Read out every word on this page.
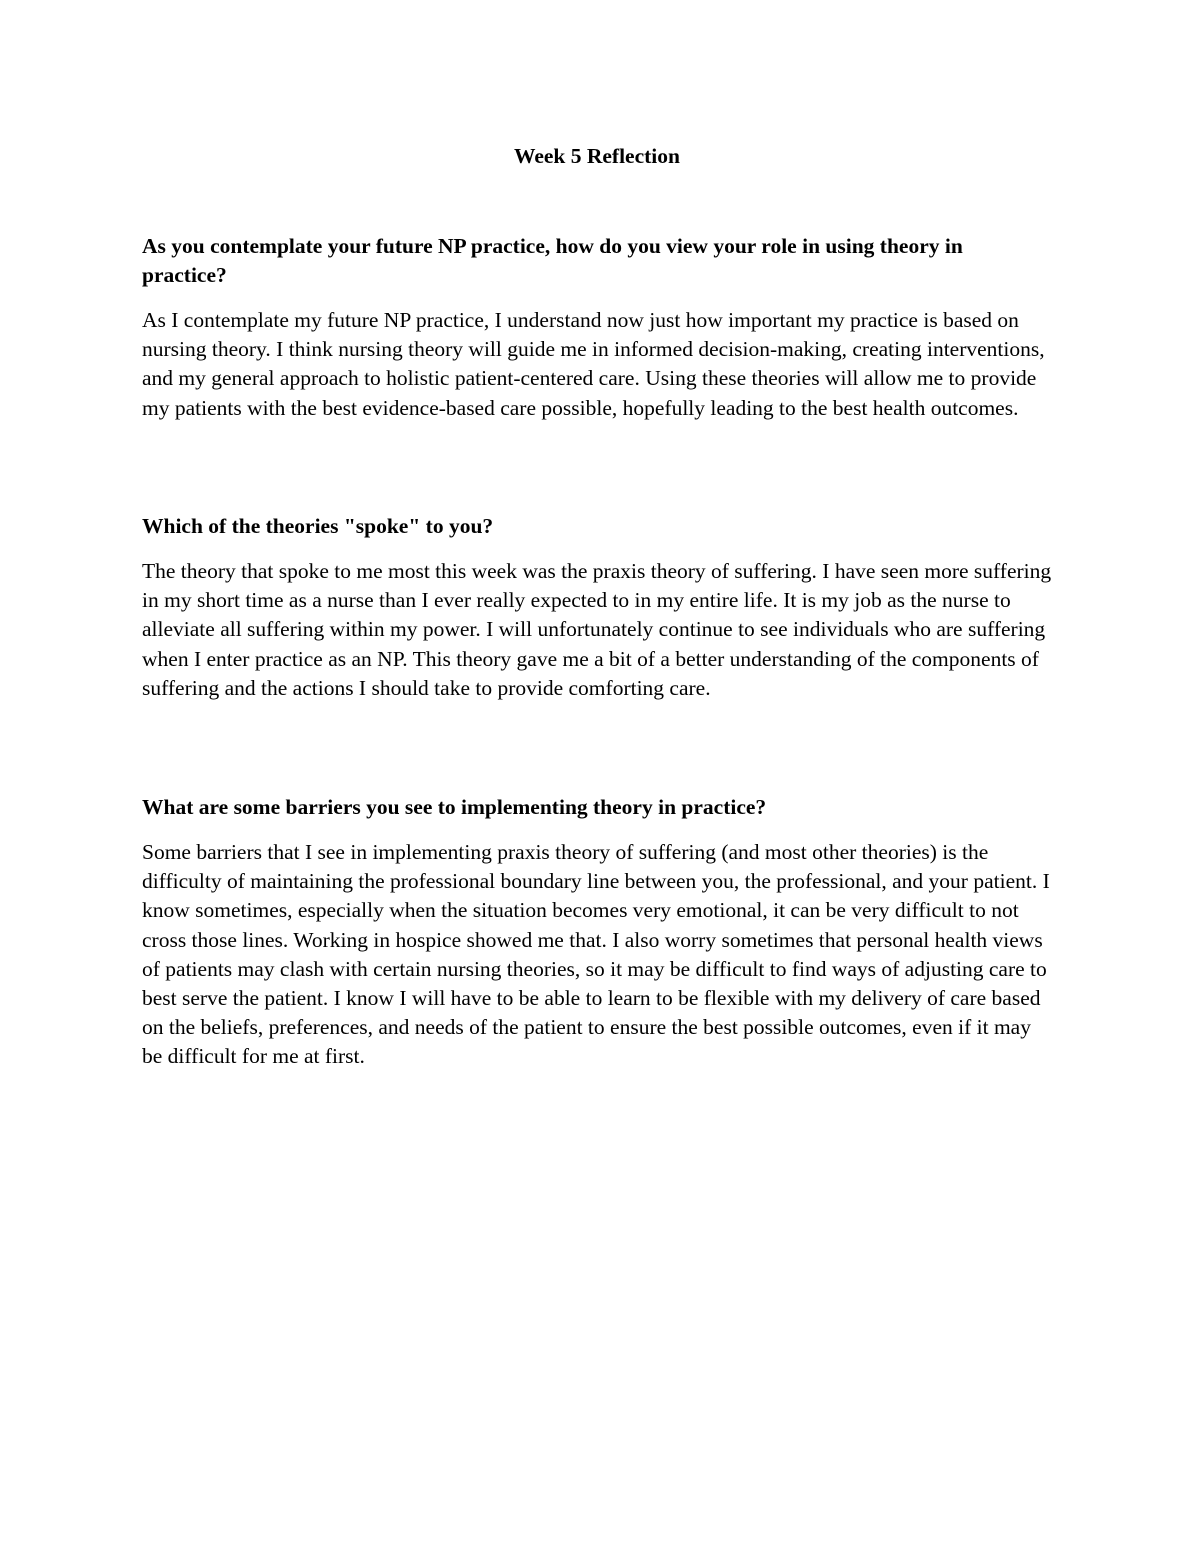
Week 5 Reflection

As you contemplate your future NP practice, how do you view your role in using theory in practice?

As I contemplate my future NP practice, I understand now just how important my practice is based on nursing theory. I think nursing theory will guide me in informed decision-making, creating interventions, and my general approach to holistic patient-centered care. Using these theories will allow me to provide my patients with the best evidence-based care possible, hopefully leading to the best health outcomes.

Which of the theories "spoke" to you?

The theory that spoke to me most this week was the praxis theory of suffering. I have seen more suffering in my short time as a nurse than I ever really expected to in my entire life. It is my job as the nurse to alleviate all suffering within my power. I will unfortunately continue to see individuals who are suffering when I enter practice as an NP. This theory gave me a bit of a better understanding of the components of suffering and the actions I should take to provide comforting care.

What are some barriers you see to implementing theory in practice?

Some barriers that I see in implementing praxis theory of suffering (and most other theories) is the difficulty of maintaining the professional boundary line between you, the professional, and your patient. I know sometimes, especially when the situation becomes very emotional, it can be very difficult to not cross those lines. Working in hospice showed me that. I also worry sometimes that personal health views of patients may clash with certain nursing theories, so it may be difficult to find ways of adjusting care to best serve the patient. I know I will have to be able to learn to be flexible with my delivery of care based on the beliefs, preferences, and needs of the patient to ensure the best possible outcomes, even if it may be difficult for me at first.
